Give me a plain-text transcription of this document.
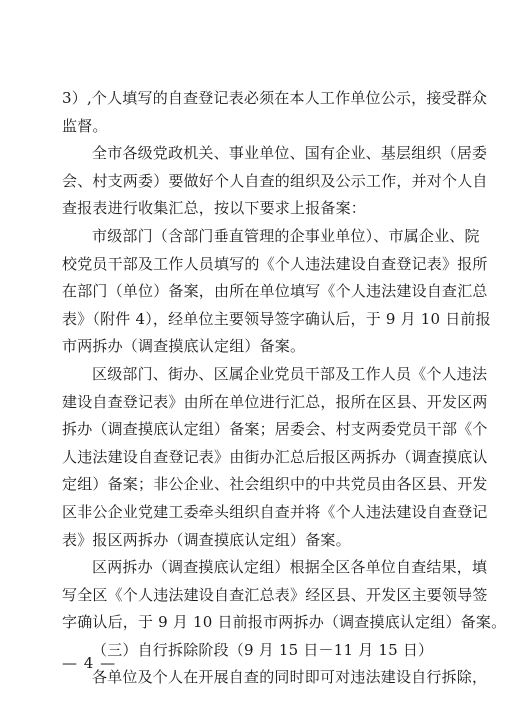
3）,个人填写的自查登记表必须在本人工作单位公示，接受群众
监督。
全市各级党政机关、事业单位、国有企业、基层组织（居委
会、村支两委）要做好个人自查的组织及公示工作，并对个人自
查报表进行收集汇总，按以下要求上报备案：
市级部门（含部门垂直管理的企事业单位）、市属企业、院
校党员干部及工作人员填写的《个人违法建设自查登记表》报所
在部门（单位）备案，由所在单位填写《个人违法建设自查汇总
表》（附件 4），经单位主要领导签字确认后，于 9 月 10 日前报
市两拆办（调查摸底认定组）备案。
区级部门、街办、区属企业党员干部及工作人员《个人违法
建设自查登记表》由所在单位进行汇总，报所在区县、开发区两
拆办（调查摸底认定组）备案；居委会、村支两委党员干部《个
人违法建设自查登记表》由街办汇总后报区两拆办（调查摸底认
定组）备案；非公企业、社会组织中的中共党员由各区县、开发
区非公企业党建工委牵头组织自查并将《个人违法建设自查登记
表》报区两拆办（调查摸底认定组）备案。
区两拆办（调查摸底认定组）根据全区各单位自查结果，填
写全区《个人违法建设自查汇总表》经区县、开发区主要领导签
字确认后，于 9 月 10 日前报市两拆办（调查摸底认定组）备案。
（三）自行拆除阶段（9 月 15 日－11 月 15 日）
各单位及个人在开展自查的同时即可对违法建设自行拆除，
— 4 —
